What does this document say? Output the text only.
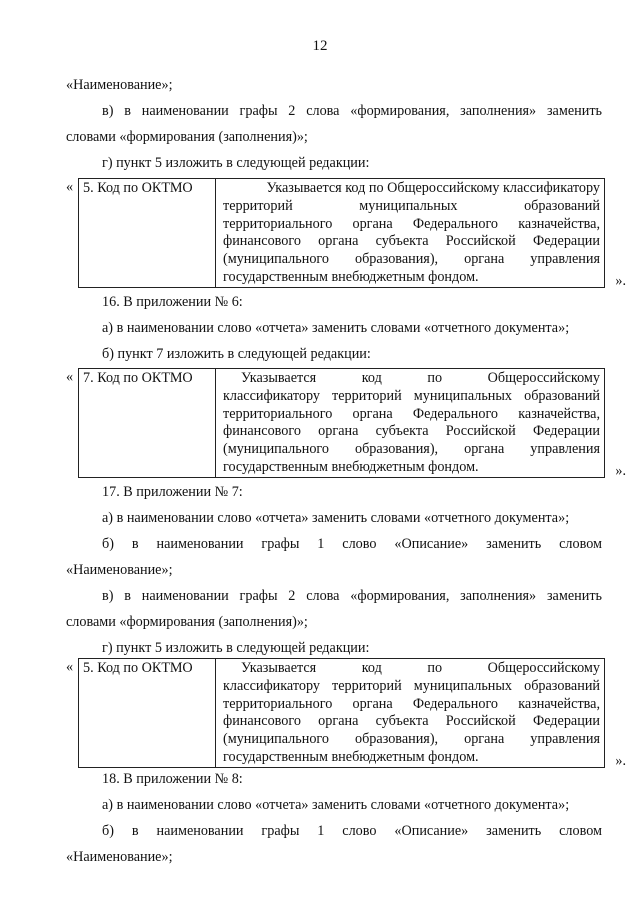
12
«Наименование»;
в) в наименовании графы 2 слова «формирования, заполнения» заменить
словами «формирования (заполнения)»;
г) пункт 5 изложить в следующей редакции:
« 5. Код по ОКТМО	Указывается код по Общероссийскому классификатору
территорий муниципальных образований
территориального органа Федерального казначейства,
финансового органа субъекта Российской Федерации
(муниципального образования), органа управления
государственным внебюджетным фондом.	».
16. В приложении № 6:
а) в наименовании слово «отчета» заменить словами «отчетного документа»;
б) пункт 7 изложить в следующей редакции:
« 7. Код по ОКТМО	Указывается код по Общероссийскому
классификатору территорий муниципальных образований
территориального органа Федерального казначейства,
финансового органа субъекта Российской Федерации
(муниципального образования), органа управления
государственным внебюджетным фондом.	».
17. В приложении № 7:
а) в наименовании слово «отчета» заменить словами «отчетного документа»;
б) в наименовании графы 1 слово «Описание» заменить словом
«Наименование»;
в) в наименовании графы 2 слова «формирования, заполнения» заменить
словами «формирования (заполнения)»;
г) пункт 5 изложить в следующей редакции:
« 5. Код по ОКТМО	Указывается код по Общероссийскому
классификатору территорий муниципальных образований
территориального органа Федерального казначейства,
финансового органа субъекта Российской Федерации
(муниципального образования), органа управления
государственным внебюджетным фондом.	».
18. В приложении № 8:
а) в наименовании слово «отчета» заменить словами «отчетного документа»;
б) в наименовании графы 1 слово «Описание» заменить словом
«Наименование»;
